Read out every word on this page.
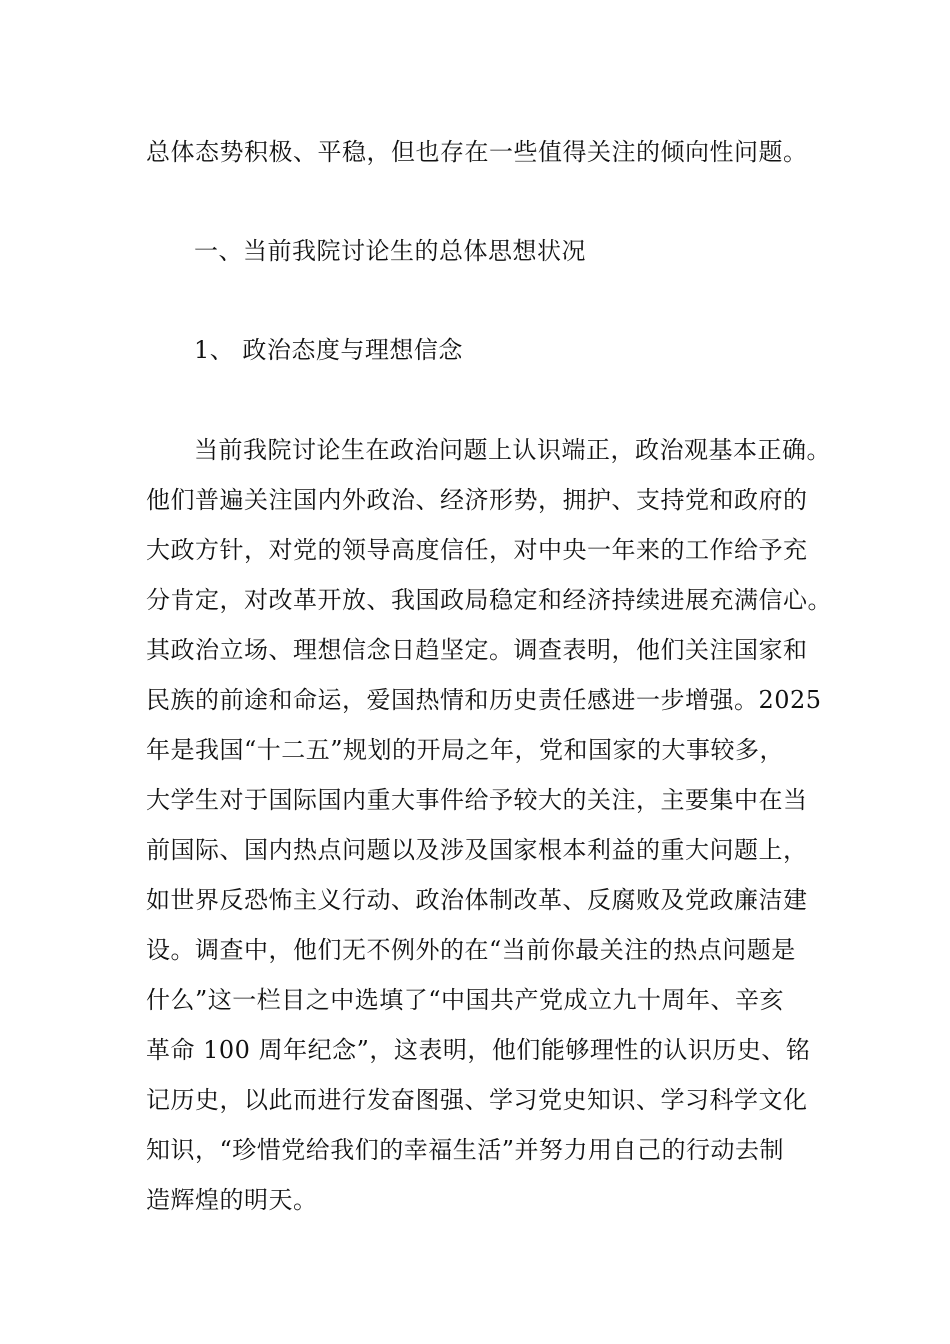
总体态势积极、平稳，但也存在一些值得关注的倾向性问题。
一、当前我院讨论生的总体思想状况
1、 政治态度与理想信念
当前我院讨论生在政治问题上认识端正，政治观基本正确。
他们普遍关注国内外政治、经济形势，拥护、支持党和政府的
大政方针，对党的领导高度信任，对中央一年来的工作给予充
分肯定，对改革开放、我国政局稳定和经济持续进展充满信心。
其政治立场、理想信念日趋坚定。调查表明，他们关注国家和
民族的前途和命运，爱国热情和历史责任感进一步增强。2025
年是我国“十二五”规划的开局之年，党和国家的大事较多，
大学生对于国际国内重大事件给予较大的关注，主要集中在当
前国际、国内热点问题以及涉及国家根本利益的重大问题上，
如世界反恐怖主义行动、政治体制改革、反腐败及党政廉洁建
设。调查中，他们无不例外的在“当前你最关注的热点问题是
什么”这一栏目之中选填了“中国共产党成立九十周年、辛亥
革命 100 周年纪念”，这表明，他们能够理性的认识历史、铭
记历史，以此而进行发奋图强、学习党史知识、学习科学文化
知识，“珍惜党给我们的幸福生活”并努力用自己的行动去制
造辉煌的明天。
